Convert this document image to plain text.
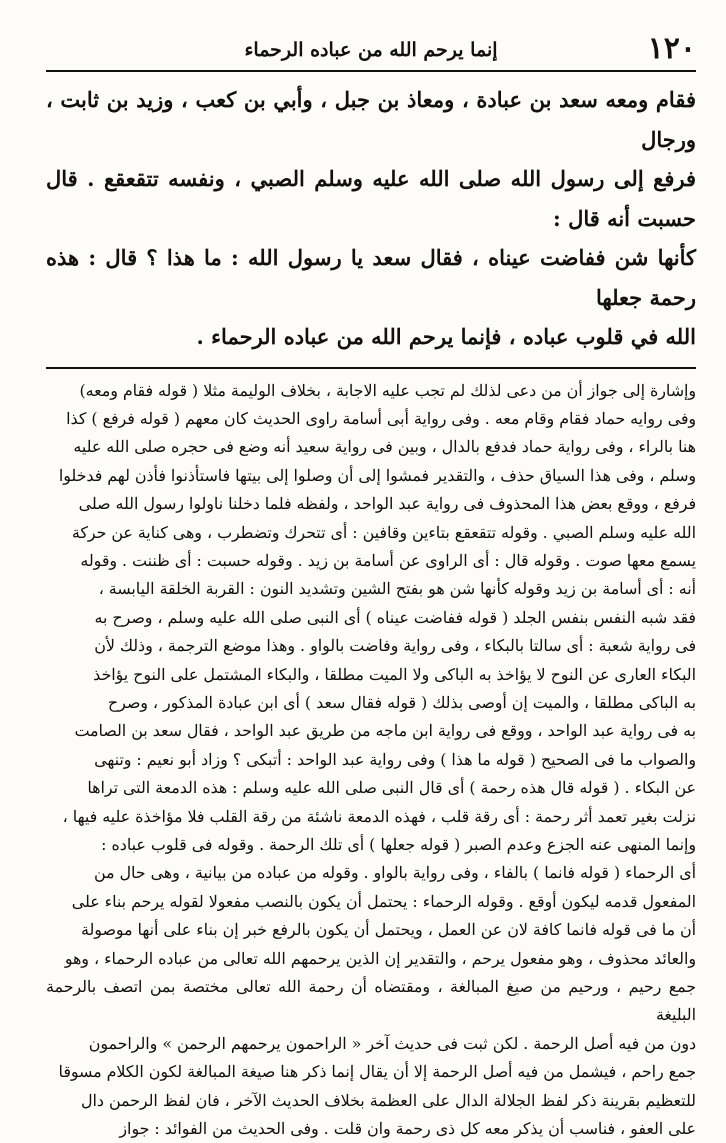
١٢٠
إنما يرحم الله من عباده الرحماء

فقام ومعه سعد بن عبادة ، ومعاذ بن جبل ، وأبي بن كعب ، وزيد بن ثابت ، ورجال

فرفع إلى رسول الله صلى الله عليه وسلم الصبي ، ونفسه تتقعقع . قال حسبت أنه قال :

كأنها شن ففاضت عيناه ، فقال سعد يا رسول الله : ما هذا ؟ قال : هذه رحمة جعلها

الله في قلوب عباده ، فإنما يرحم الله من عباده الرحماء .

وإشارة إلى جواز أن من دعى لذلك لم تجب عليه الاجابة ، بخلاف الوليمة مثلا ( قوله فقام ومعه)

وفى روايه حماد فقام وقام معه . وفى رواية أبى أسامة راوى الحديث كان معهم ( قوله فرفع ) كذا

هنا بالراء ، وفى رواية حماد فدفع بالدال ، وبين فى رواية سعيد أنه وضع فى حجره صلى الله عليه

وسلم ، وفى هذا السياق حذف ، والتقدير فمشوا إلى أن وصلوا إلى بيتها فاستأذنوا فأذن لهم فدخلوا

فرفع ، ووقع بعض هذا المحذوف فى رواية عبد الواحد ، ولفظه فلما دخلنا ناولوا رسول الله صلى

الله عليه وسلم الصبي . وقوله تتقعقع بتاءين وقافين : أى تتحرك وتضطرب ، وهى كناية عن حركة

يسمع معها صوت . وقوله قال : أى الراوى عن أسامة بن زيد . وقوله حسبت : أى ظننت . وقوله

أنه : أى أسامة بن زيد وقوله كأنها شن هو بفتح الشين وتشديد النون : القربة الخلقة اليابسة ،

فقد شبه النفس بنفس الجلد ( قوله ففاضت عيناه ) أى النبى صلى الله عليه وسلم ، وصرح به

فى رواية شعبة : أى سالتا بالبكاء ، وفى رواية وفاضت بالواو . وهذا موضع الترجمة ، وذلك لأن

البكاء العارى عن النوح لا يؤاخذ به الباكى ولا الميت مطلقا ، والبكاء المشتمل على النوح يؤاخذ

به الباكى مطلقا ، والميت إن أوصى بذلك ( قوله فقال سعد ) أى ابن عبادة المذكور ، وصرح

به فى رواية عبد الواحد ، ووقع فى رواية ابن ماجه من طريق عبد الواحد ، فقال سعد بن الصامت

والصواب ما فى الصحيح ( قوله ما هذا ) وفى رواية عبد الواحد : أتبكى ؟ وزاد أبو نعيم : وتنهى

عن البكاء . ( قوله قال هذه رحمة ) أى قال النبى صلى الله عليه وسلم : هذه الدمعة التى تراها

نزلت بغير تعمد أثر رحمة : أى رقة قلب ، فهذه الدمعة ناشئة من رقة القلب فلا مؤاخذة عليه فيها ،

وإنما المنهى عنه الجزع وعدم الصبر ( قوله جعلها ) أى تلك الرحمة . وقوله فى قلوب عباده :

أى الرحماء ( قوله فانما ) بالفاء ، وفى رواية بالواو . وقوله من عباده من بيانية ، وهى حال من

المفعول قدمه ليكون أوقع . وقوله الرحماء : يحتمل أن يكون بالنصب مفعولا لقوله يرحم بناء على

أن ما فى قوله فانما كافة لان عن العمل ، ويحتمل أن يكون بالرفع خبر إن بناء على أنها موصولة

والعائد محذوف ، وهو مفعول يرحم ، والتقدير إن الذين يرحمهم الله تعالى من عباده الرحماء ، وهو

جمع رحيم ، ورحيم من صيغ المبالغة ، ومقتضاه أن رحمة الله تعالى مختصة بمن اتصف بالرحمة البليغة

دون من فيه أصل الرحمة . لكن ثبت فى حديث آخر « الراحمون يرحمهم الرحمن » والراحمون

جمع راحم ، فيشمل من فيه أصل الرحمة إلا أن يقال إنما ذكر هنا صيغة المبالغة لكون الكلام مسوقا

للتعظيم بقرينة ذكر لفظ الجلالة الدال على العظمة بخلاف الحديث الآخر ، فان لفظ الرحمن دال

على العفو ، فناسب أن يذكر معه كل ذى رحمة وان قلت . وفى الحديث من الفوائد : جواز
